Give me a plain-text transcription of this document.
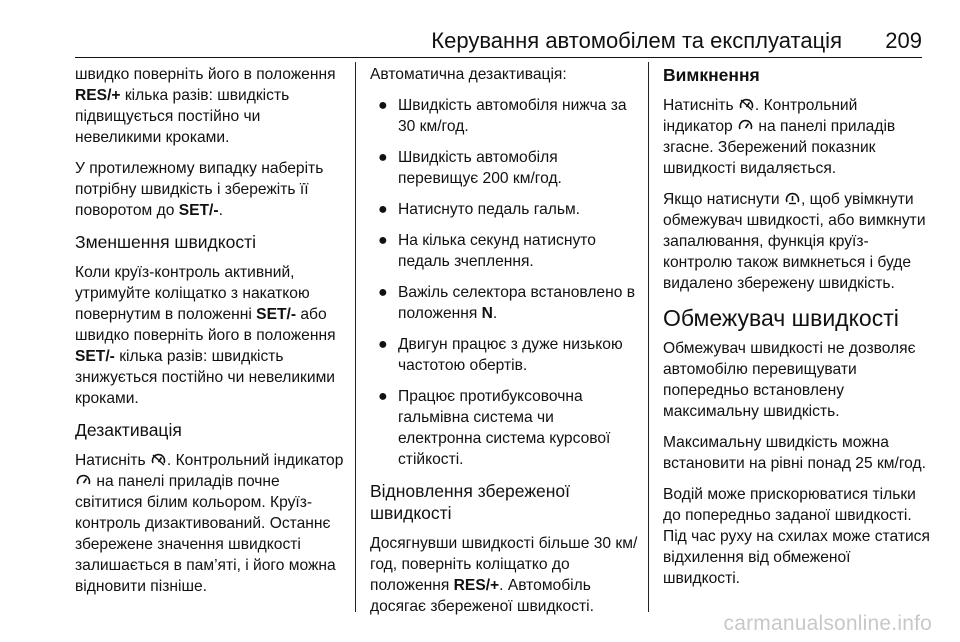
Керування автомобілем та експлуатація 209

швидко поверніть його в положення RES/+ кілька разів: швидкість підвищується постійно чи невеликими кроками.

У протилежному випадку наберіть потрібну швидкість і збережіть її поворотом до SET/-.

Зменшення швидкості

Коли круїз-контроль активний, утримуйте коліщатко з накаткою повернутим в положенні SET/- або швидко поверніть його в положення SET/- кілька разів: швидкість знижується постійно чи невеликими кроками.

Дезактивація

Натисніть
. Контрольний індикатор
на панелі приладів почне світитися білим кольором. Круїз-контроль дизактивований. Останнє збережене значення швидкості залишається в пам’яті, і його можна відновити пізніше.

Автоматична дезактивація:

● Швидкість автомобіля нижча за 30 км/год.
● Швидкість автомобіля перевищує 200 км/год.
● Натиснуто педаль гальм.
● На кілька секунд натиснуто педаль зчеплення.
● Важіль селектора встановлено в положення N.
● Двигун працює з дуже низькою частотою обертів.
● Працює протибуксовочна гальмівна система чи електронна система курсової стійкості.
Відновлення збереженої швидкості

Досягнувши швидкості більше 30 км/год, поверніть коліщатко до положення RES/+. Автомобіль досягає збереженої швидкості.

Вимкнення

Натисніть
. Контрольний індикатор
на панелі приладів згасне. Збережений показник швидкості видаляється.

Якщо натиснути
, щоб увімкнути обмежувач швидкості, або вимкнути запалювання, функція круїз-контролю також вимкнеться і буде видалено збережену швидкість.

Обмежувач швидкості

Обмежувач швидкості не дозволяє автомобілю перевищувати попередньо встановлену максимальну швидкість.

Максимальну швидкість можна встановити на рівні понад 25 км/год.

Водій може прискорюватися тільки до попередньо заданої швидкості. Під час руху на схилах може статися відхилення від обмеженої швидкості.

carmanualsonline.info
